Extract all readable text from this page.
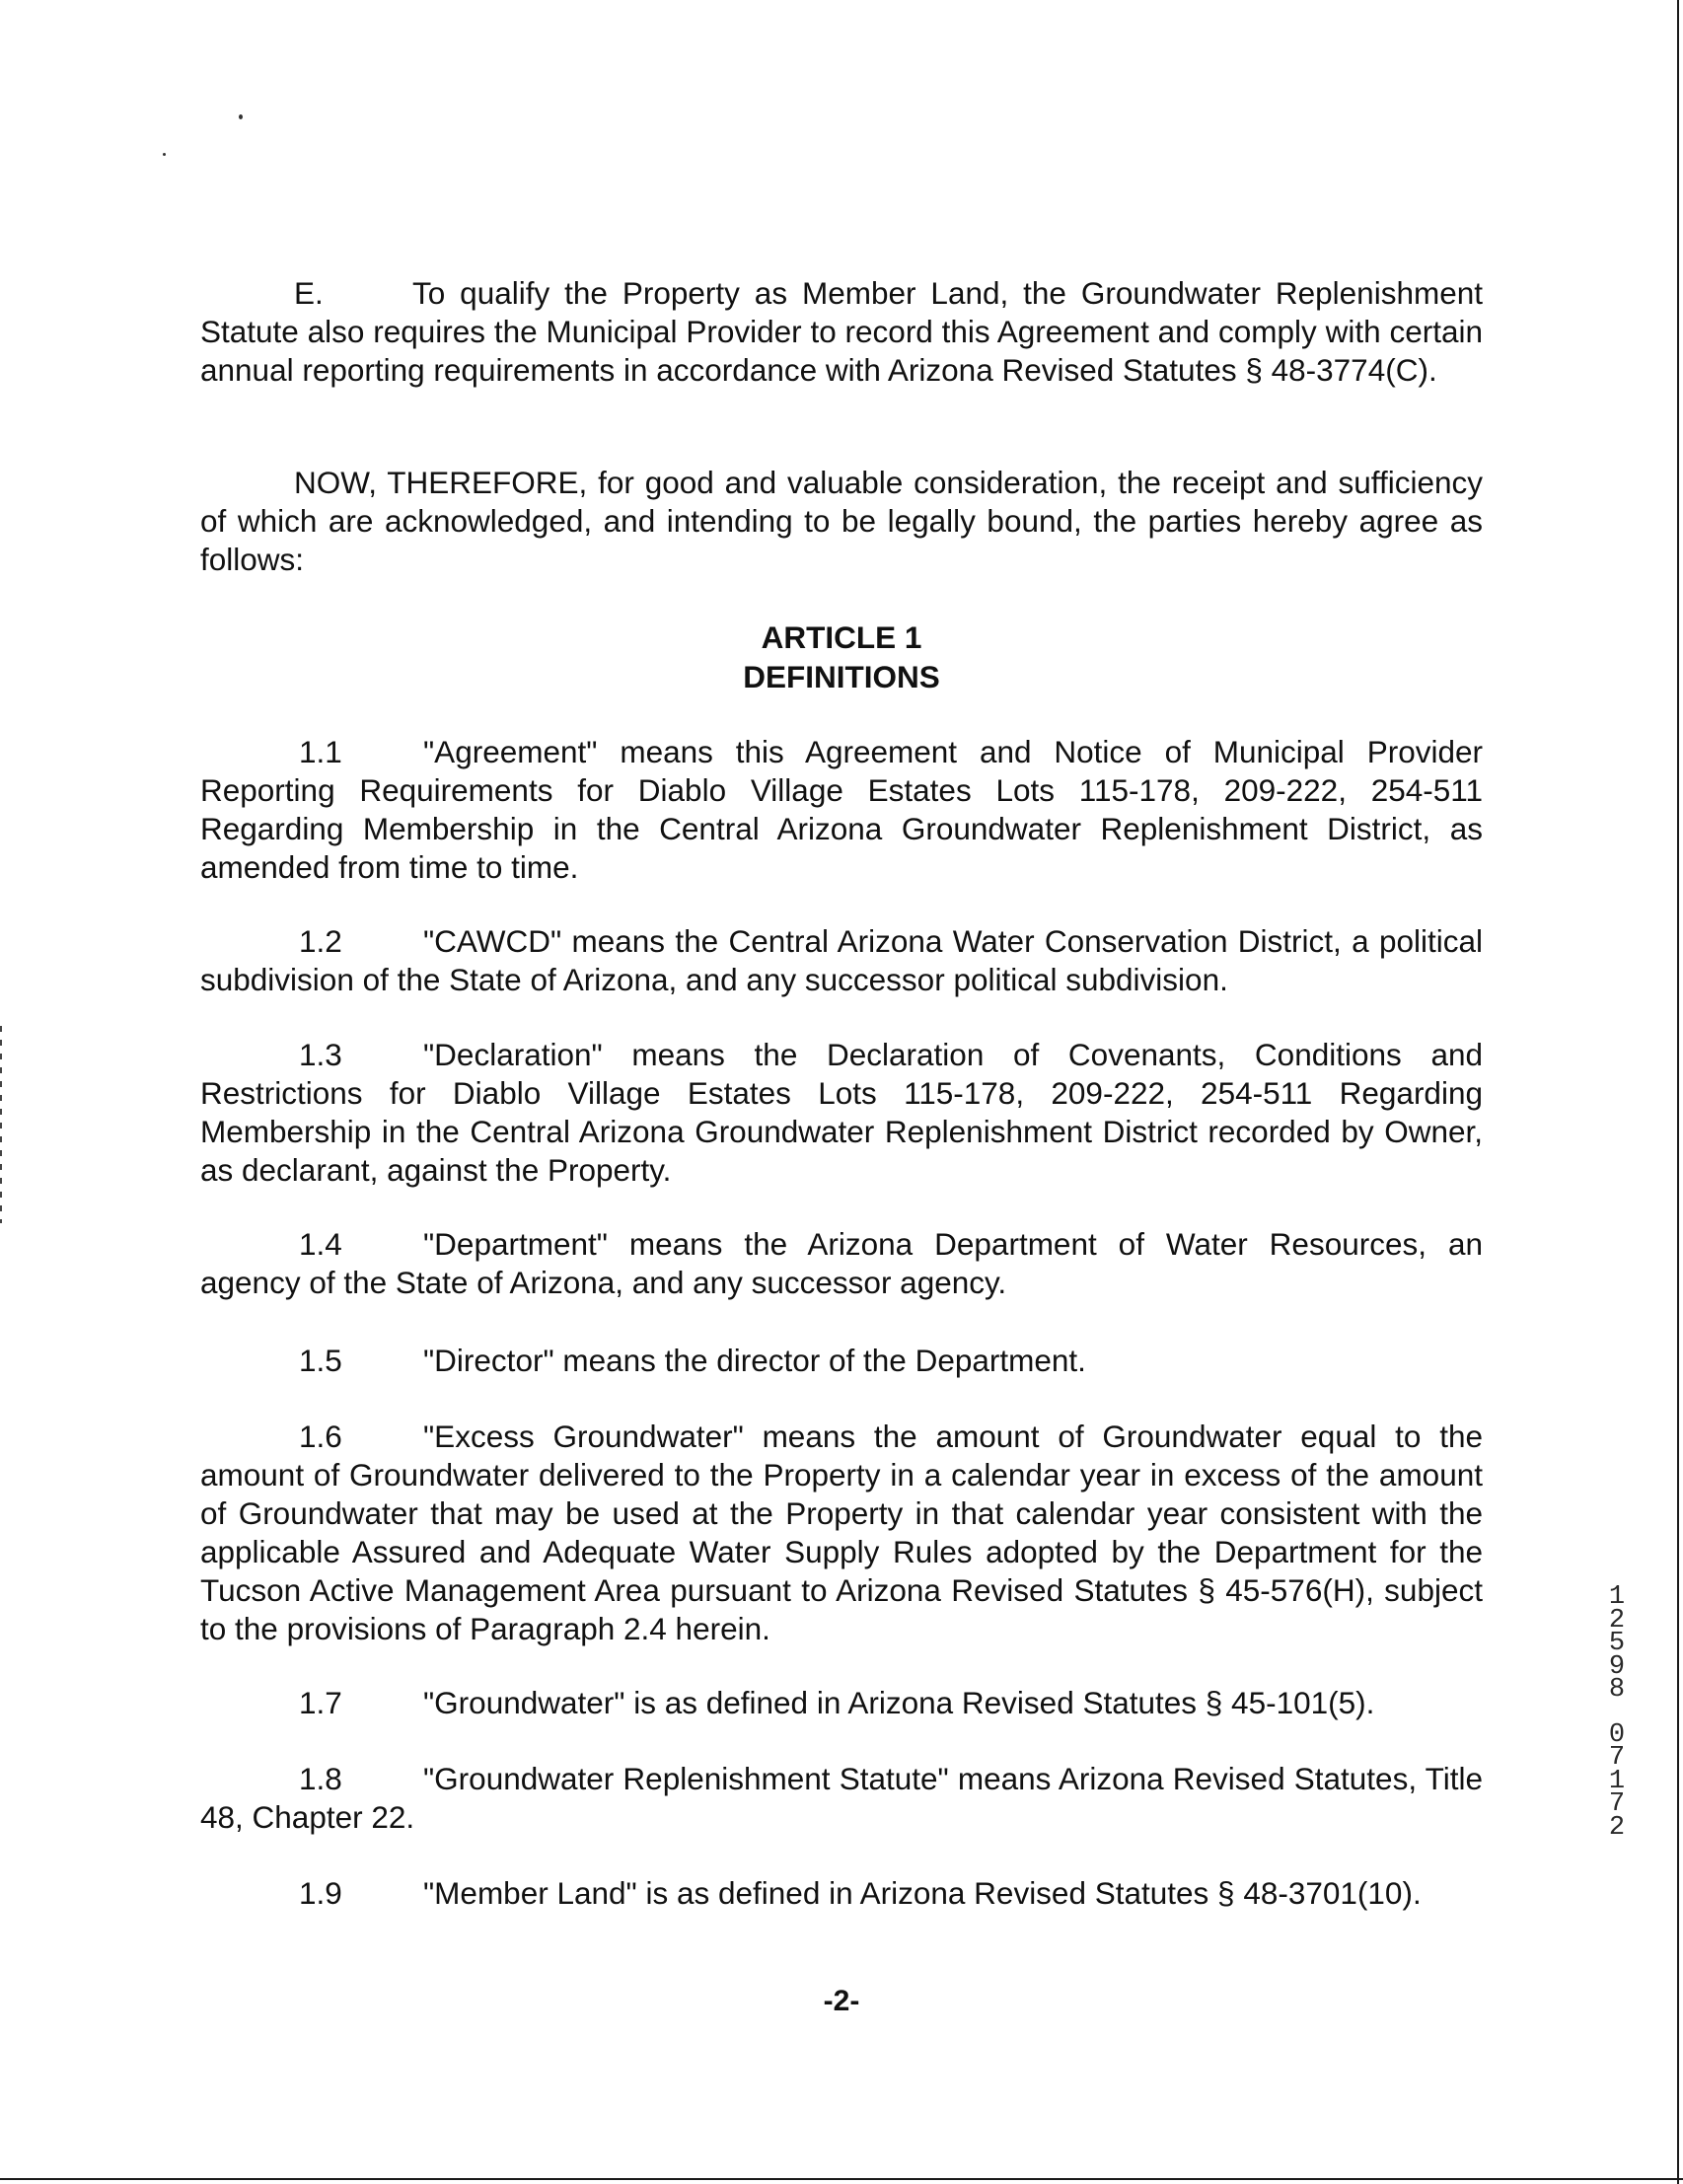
E.	To qualify the Property as Member Land, the Groundwater Replenishment Statute also requires the Municipal Provider to record this Agreement and comply with certain annual reporting requirements in accordance with Arizona Revised Statutes § 48-3774(C).

NOW, THEREFORE, for good and valuable consideration, the receipt and sufficiency of which are acknowledged, and intending to be legally bound, the parties hereby agree as follows:

ARTICLE 1
DEFINITIONS

1.1	"Agreement" means this Agreement and Notice of Municipal Provider Reporting Requirements for Diablo Village Estates Lots 115-178, 209-222, 254-511 Regarding Membership in the Central Arizona Groundwater Replenishment District, as amended from time to time.

1.2	"CAWCD" means the Central Arizona Water Conservation District, a political subdivision of the State of Arizona, and any successor political subdivision.

1.3	"Declaration" means the Declaration of Covenants, Conditions and Restrictions for Diablo Village Estates Lots 115-178, 209-222, 254-511 Regarding Membership in the Central Arizona Groundwater Replenishment District recorded by Owner, as declarant, against the Property.

1.4	"Department" means the Arizona Department of Water Resources, an agency of the State of Arizona, and any successor agency.

1.5	"Director" means the director of the Department.

1.6	"Excess Groundwater" means the amount of Groundwater equal to the amount of Groundwater delivered to the Property in a calendar year in excess of the amount of Groundwater that may be used at the Property in that calendar year consistent with the applicable Assured and Adequate Water Supply Rules adopted by the Department for the Tucson Active Management Area pursuant to Arizona Revised Statutes § 45-576(H), subject to the provisions of Paragraph 2.4 herein.

1.7	"Groundwater" is as defined in Arizona Revised Statutes § 45-101(5).

1.8	"Groundwater Replenishment Statute" means Arizona Revised Statutes, Title 48, Chapter 22.

1.9	"Member Land" is as defined in Arizona Revised Statutes § 48-3701(10).

-2-
1
2
5
9
8
0
7
1
7
2
